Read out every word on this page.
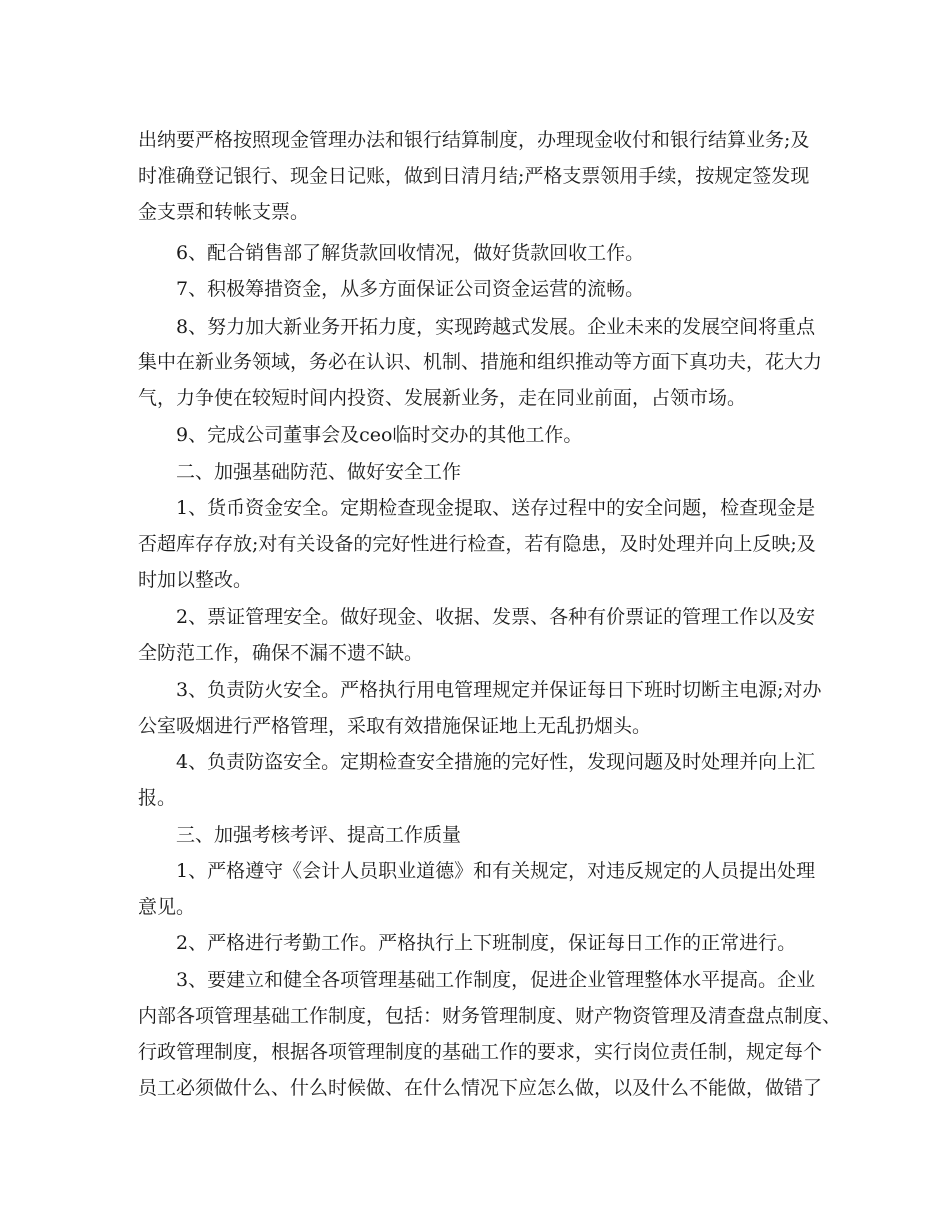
出纳要严格按照现金管理办法和银行结算制度，办理现金收付和银行结算业务;及
时准确登记银行、现金日记账，做到日清月结;严格支票领用手续，按规定签发现
金支票和转帐支票。
6、配合销售部了解货款回收情况，做好货款回收工作。
7、积极筹措资金，从多方面保证公司资金运营的流畅。
8、努力加大新业务开拓力度，实现跨越式发展。企业未来的发展空间将重点
集中在新业务领域，务必在认识、机制、措施和组织推动等方面下真功夫，花大力
气，力争使在较短时间内投资、发展新业务，走在同业前面，占领市场。
9、完成公司董事会及ceo临时交办的其他工作。
二、加强基础防范、做好安全工作
1、货币资金安全。定期检查现金提取、送存过程中的安全问题，检查现金是
否超库存存放;对有关设备的完好性进行检查，若有隐患，及时处理并向上反映;及
时加以整改。
2、票证管理安全。做好现金、收据、发票、各种有价票证的管理工作以及安
全防范工作，确保不漏不遗不缺。
3、负责防火安全。严格执行用电管理规定并保证每日下班时切断主电源;对办
公室吸烟进行严格管理，采取有效措施保证地上无乱扔烟头。
4、负责防盗安全。定期检查安全措施的完好性，发现问题及时处理并向上汇
报。
三、加强考核考评、提高工作质量
1、严格遵守《会计人员职业道德》和有关规定，对违反规定的人员提出处理
意见。
2、严格进行考勤工作。严格执行上下班制度，保证每日工作的正常进行。
3、要建立和健全各项管理基础工作制度，促进企业管理整体水平提高。企业
内部各项管理基础工作制度，包括：财务管理制度、财产物资管理及清查盘点制度、
行政管理制度，根据各项管理制度的基础工作的要求，实行岗位责任制，规定每个
员工必须做什么、什么时候做、在什么情况下应怎么做，以及什么不能做，做错了
